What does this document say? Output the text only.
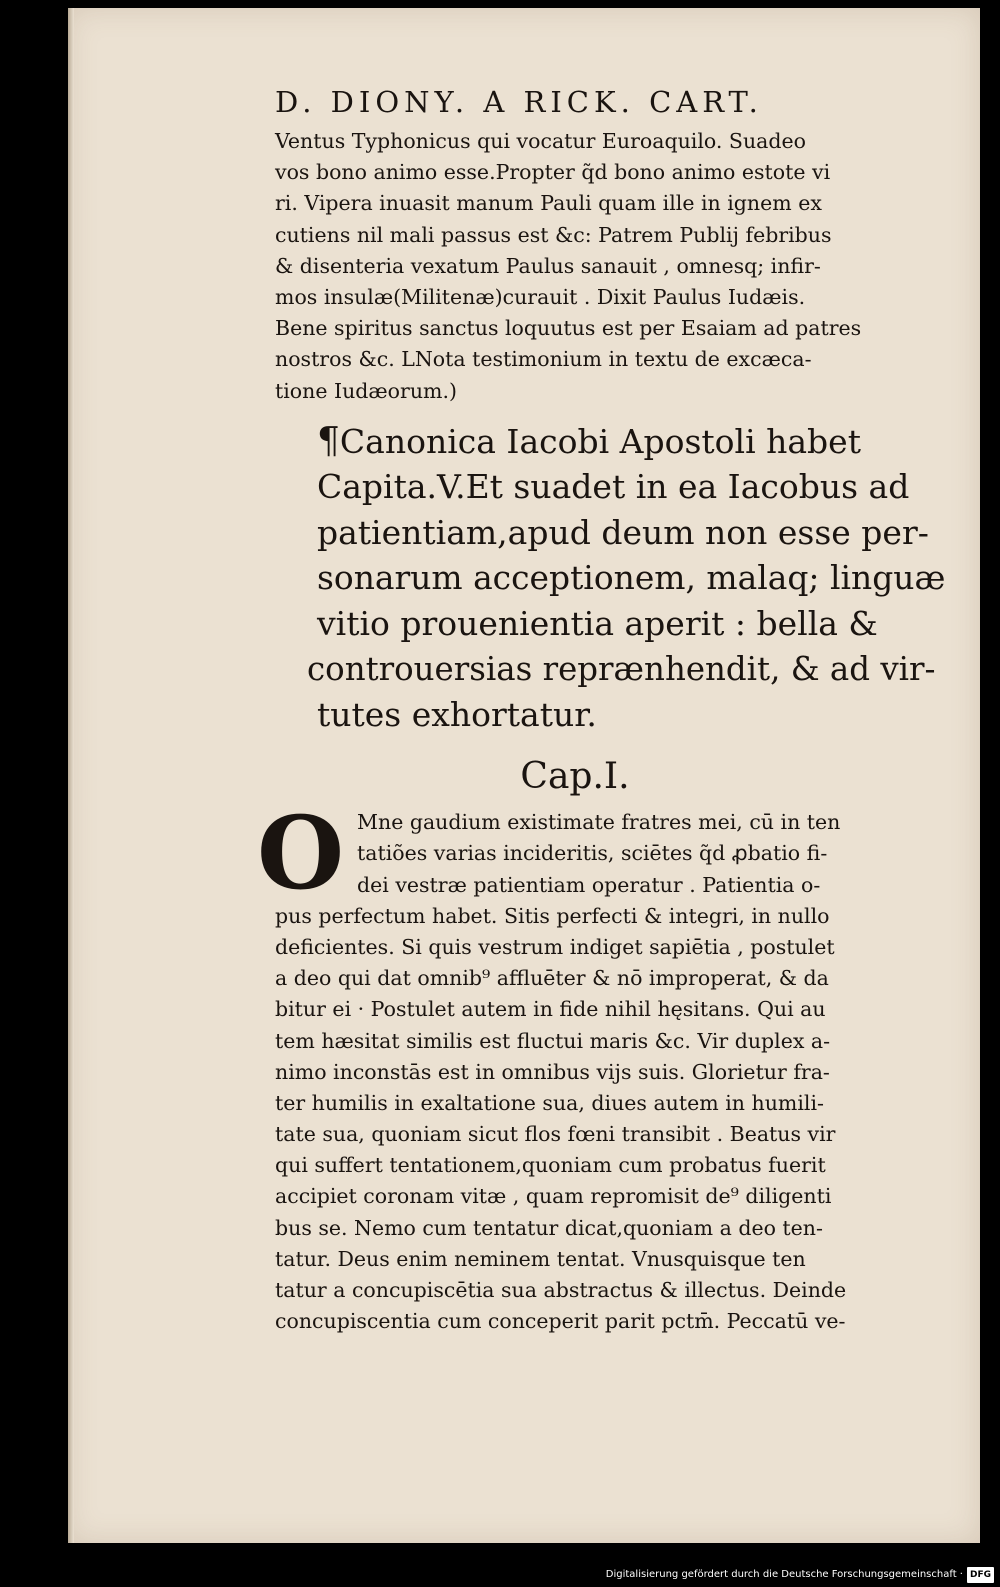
D. DIONY. A RICK. CART.
Ventus Typhonicus qui vocatur Euroaquilo. Suadeo
vos bono animo esse.Propter q̃d bono animo estote vi
ri. Vipera inuasit manum Pauli quam ille in ignem ex
cutiens nil mali passus est &c: Patrem Publij febribus
& disenteria vexatum Paulus sanauit , omnesq; infir-
mos insulæ(Militenæ)curauit . Dixit Paulus Iudæis.
Bene spiritus sanctus loquutus est per Esaiam ad patres
nostros &c. LNota testimonium in textu de excæca-
tione Iudæorum.)
¶Canonica Iacobi Apostoli habet
Capita.V.Et suadet in ea Iacobus ad
patientiam,apud deum non esse per-
sonarum acceptionem, malaq; linguæ
vitio prouenientia aperit : bella &
controuersias reprænhendit, & ad vir-
tutes exhortatur.
Cap.I.
O Mne gaudium existimate fratres mei, cū in ten
tatiões varias incideritis, sciētes q̃d ꝓbatio fi-
dei vestræ patientiam operatur . Patientia o-
pus perfectum habet. Sitis perfecti & integri, in nullo
deficientes. Si quis vestrum indiget sapiētia , postulet
a deo qui dat omnib⁹ affluēter & nō improperat, & da
bitur ei · Postulet autem in fide nihil hęsitans. Qui au
tem hæsitat similis est fluctui maris &c. Vir duplex a-
nimo inconstās est in omnibus vijs suis. Glorietur fra-
ter humilis in exaltatione sua, diues autem in humili-
tate sua, quoniam sicut flos fœni transibit . Beatus vir
qui suffert tentationem,quoniam cum probatus fuerit
accipiet coronam vitæ , quam repromisit de⁹ diligenti
bus se. Nemo cum tentatur dicat,quoniam a deo ten-
tatur. Deus enim neminem tentat. Vnusquisque ten
tatur a concupiscētia sua abstractus & illectus. Deinde
concupiscentia cum conceperit parit pctm̄. Peccatū ve-
Digitalisierung gefördert durch die Deutsche Forschungsgemeinschaft · DFG
